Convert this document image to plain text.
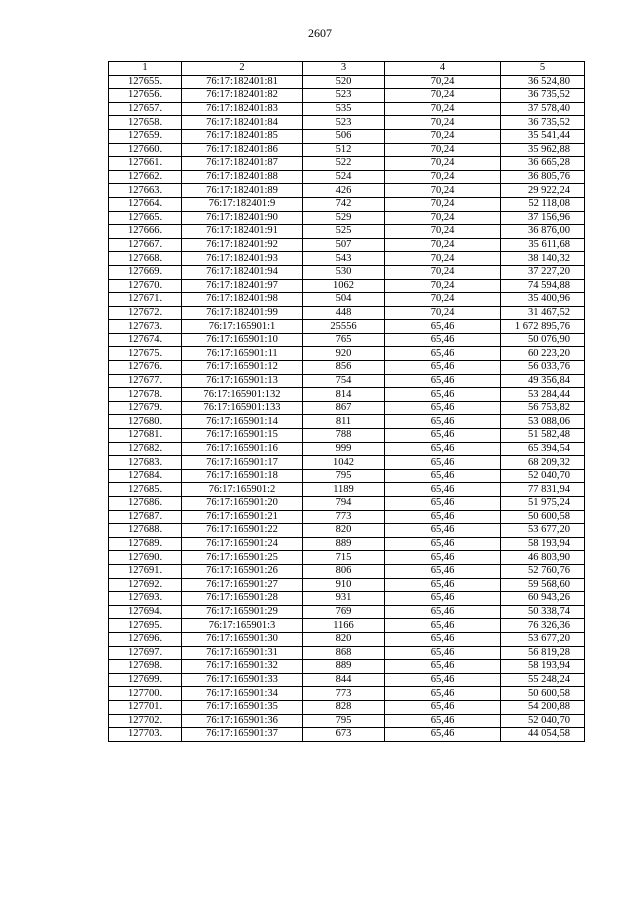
2607
1	2	3	4	5
127655.	76:17:182401:81	520	70,24	36 524,80
127656.	76:17:182401:82	523	70,24	36 735,52
127657.	76:17:182401:83	535	70,24	37 578,40
127658.	76:17:182401:84	523	70,24	36 735,52
127659.	76:17:182401:85	506	70,24	35 541,44
127660.	76:17:182401:86	512	70,24	35 962,88
127661.	76:17:182401:87	522	70,24	36 665,28
127662.	76:17:182401:88	524	70,24	36 805,76
127663.	76:17:182401:89	426	70,24	29 922,24
127664.	76:17:182401:9	742	70,24	52 118,08
127665.	76:17:182401:90	529	70,24	37 156,96
127666.	76:17:182401:91	525	70,24	36 876,00
127667.	76:17:182401:92	507	70,24	35 611,68
127668.	76:17:182401:93	543	70,24	38 140,32
127669.	76:17:182401:94	530	70,24	37 227,20
127670.	76:17:182401:97	1062	70,24	74 594,88
127671.	76:17:182401:98	504	70,24	35 400,96
127672.	76:17:182401:99	448	70,24	31 467,52
127673.	76:17:165901:1	25556	65,46	1 672 895,76
127674.	76:17:165901:10	765	65,46	50 076,90
127675.	76:17:165901:11	920	65,46	60 223,20
127676.	76:17:165901:12	856	65,46	56 033,76
127677.	76:17:165901:13	754	65,46	49 356,84
127678.	76:17:165901:132	814	65,46	53 284,44
127679.	76:17:165901:133	867	65,46	56 753,82
127680.	76:17:165901:14	811	65,46	53 088,06
127681.	76:17:165901:15	788	65,46	51 582,48
127682.	76:17:165901:16	999	65,46	65 394,54
127683.	76:17:165901:17	1042	65,46	68 209,32
127684.	76:17:165901:18	795	65,46	52 040,70
127685.	76:17:165901:2	1189	65,46	77 831,94
127686.	76:17:165901:20	794	65,46	51 975,24
127687.	76:17:165901:21	773	65,46	50 600,58
127688.	76:17:165901:22	820	65,46	53 677,20
127689.	76:17:165901:24	889	65,46	58 193,94
127690.	76:17:165901:25	715	65,46	46 803,90
127691.	76:17:165901:26	806	65,46	52 760,76
127692.	76:17:165901:27	910	65,46	59 568,60
127693.	76:17:165901:28	931	65,46	60 943,26
127694.	76:17:165901:29	769	65,46	50 338,74
127695.	76:17:165901:3	1166	65,46	76 326,36
127696.	76:17:165901:30	820	65,46	53 677,20
127697.	76:17:165901:31	868	65,46	56 819,28
127698.	76:17:165901:32	889	65,46	58 193,94
127699.	76:17:165901:33	844	65,46	55 248,24
127700.	76:17:165901:34	773	65,46	50 600,58
127701.	76:17:165901:35	828	65,46	54 200,88
127702.	76:17:165901:36	795	65,46	52 040,70
127703.	76:17:165901:37	673	65,46	44 054,58
